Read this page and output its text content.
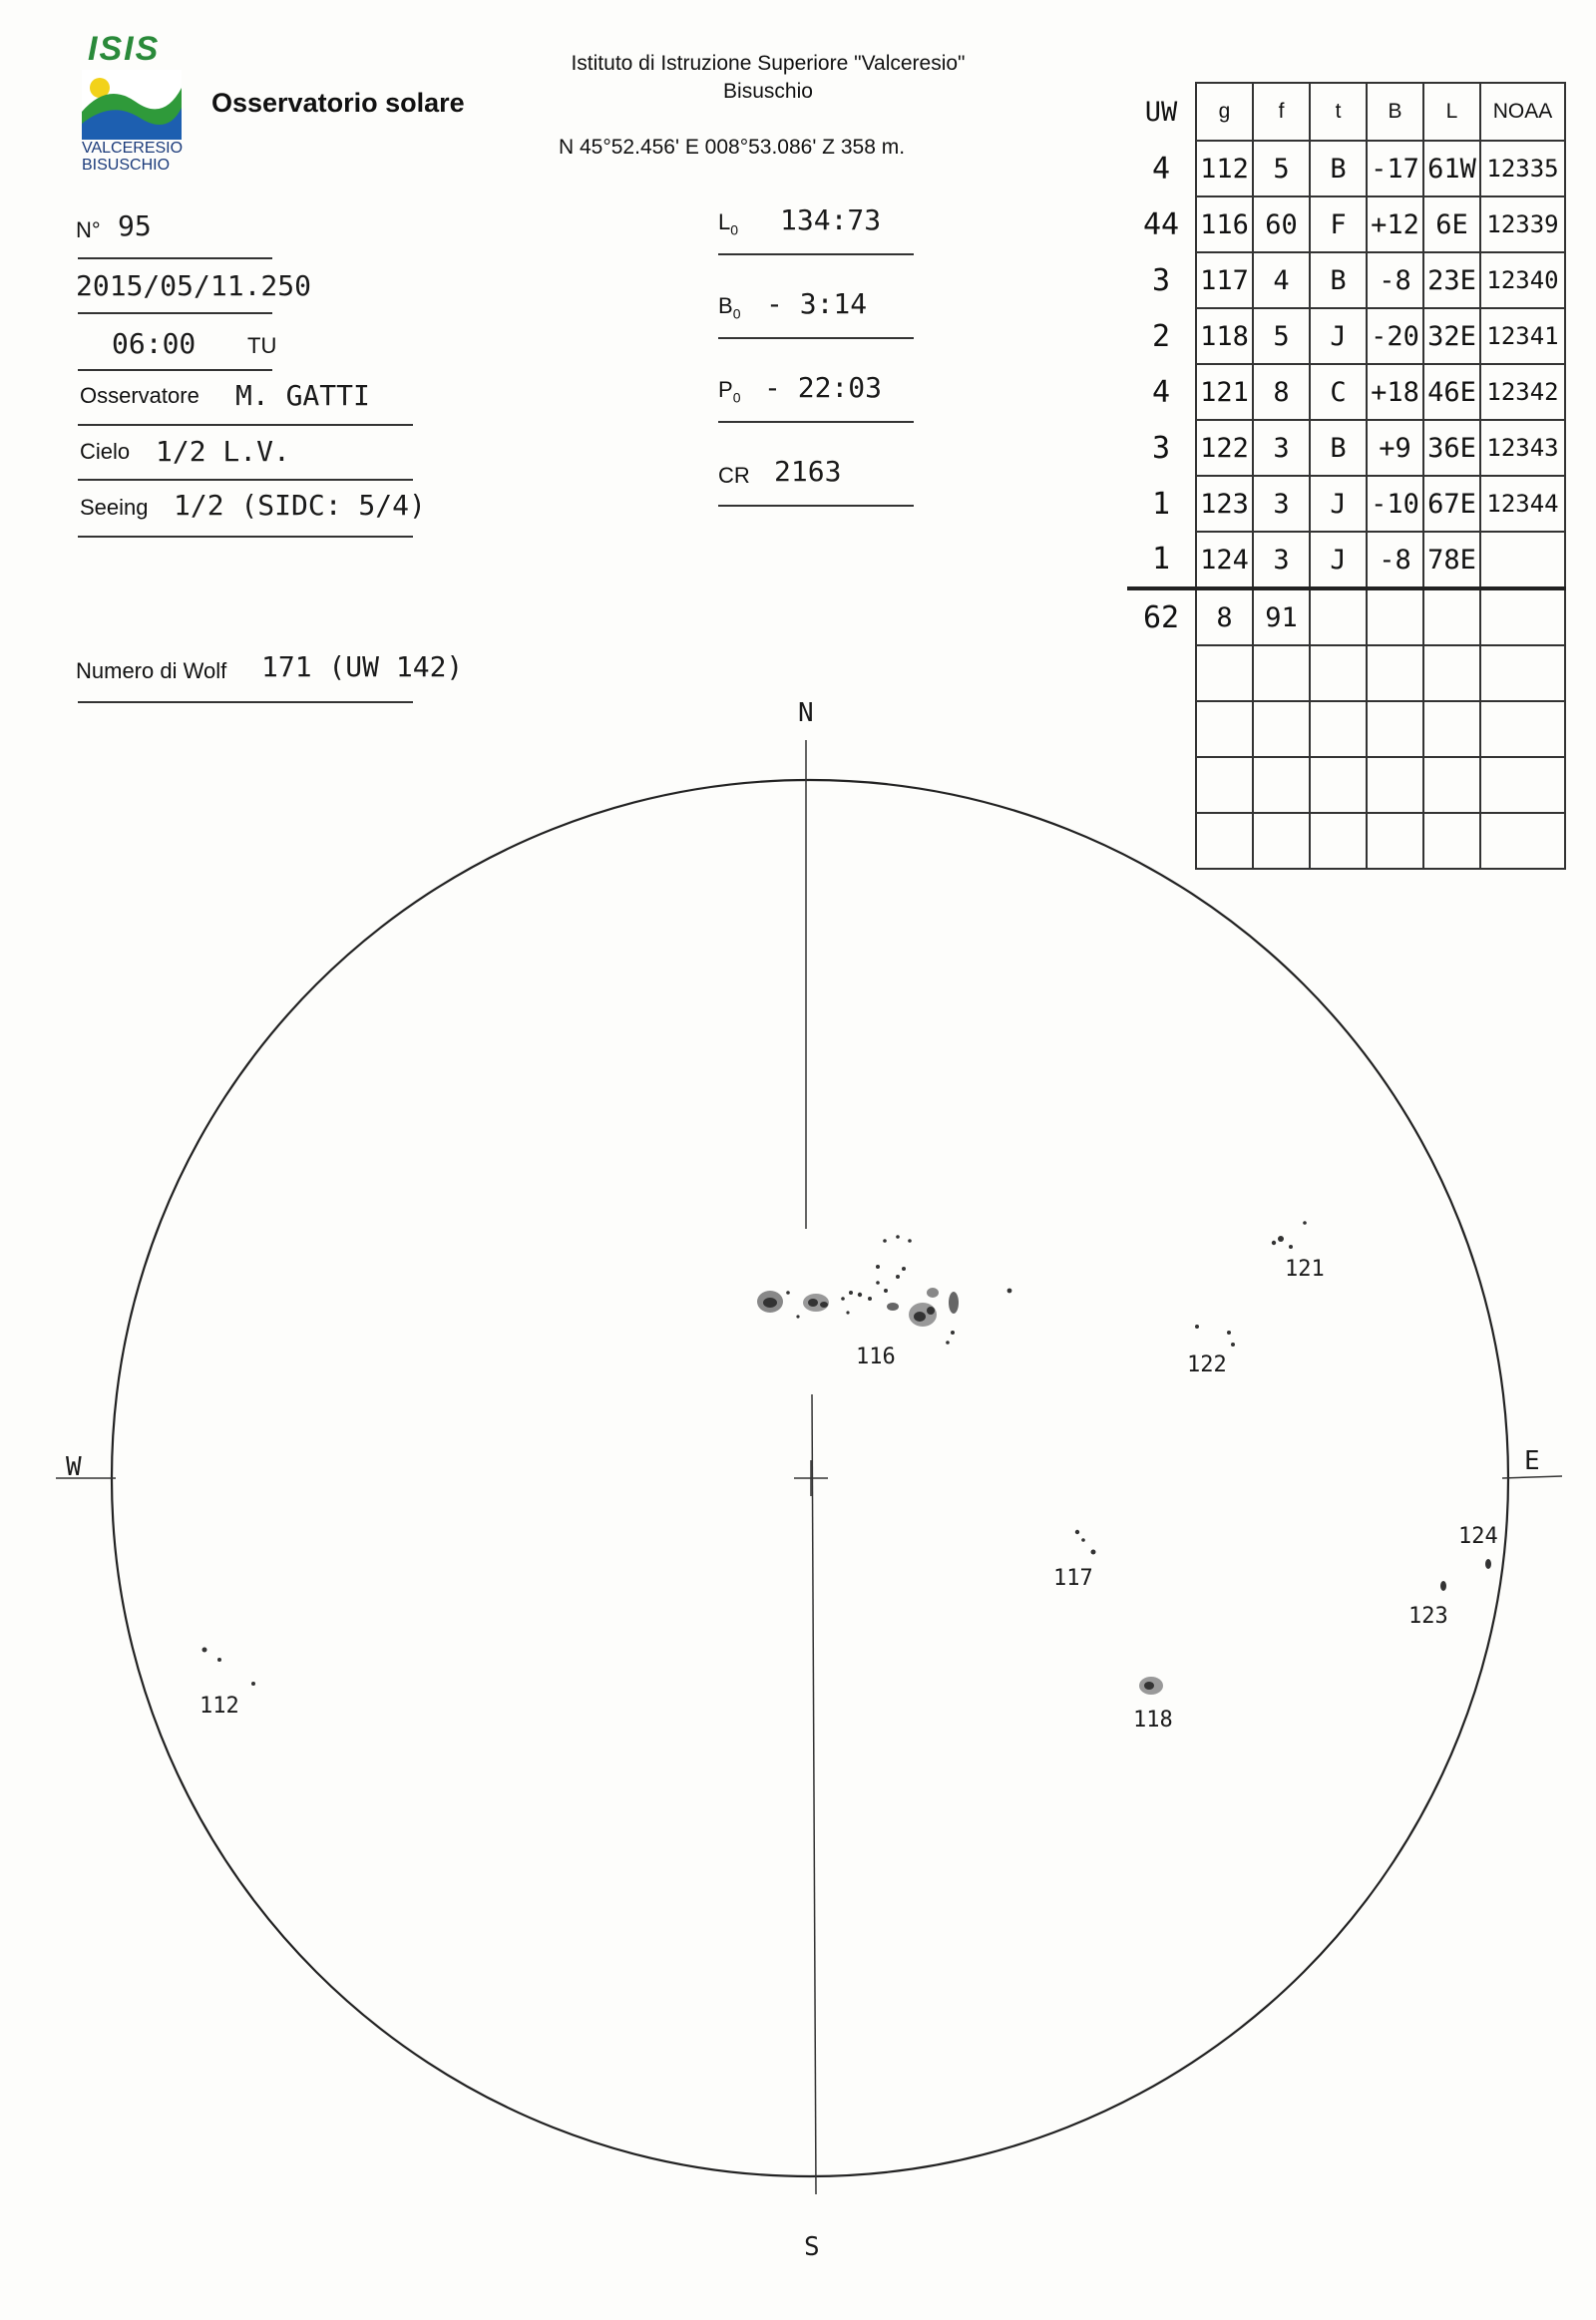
ISIS
VALCERESIO
BISUSCHIO
Osservatorio solare
Istituto di Istruzione Superiore "Valceresio"
Bisuschio
N 45°52.456' E 008°53.086' Z 358 m.
N° 95
2015/05/11.250
06:00 TU
Osservatore M. GATTI
Cielo 1/2 L.V.
Seeing 1/2 (SIDC: 5/4)
Numero di Wolf 171 (UW 142)
$L_0$ 134:73
$B_0$ - 3:14
$P_0$ - 22:03
CR 2163
UW	g	f	t	B	L	NOAA
4	112	5	B	-17	61W	12335
44	116	60	F	+12	6E	12339
3	117	4	B	-8	23E	12340
2	118	5	J	-20	32E	12341
4	121	8	C	+18	46E	12342
3	122	3	B	+9	36E	12343
1	123	3	J	-10	67E	12344
1	124	3	J	-8	78E	
62	8	91				

N
S
W	E
116
121
122
117
124
123
112
118
